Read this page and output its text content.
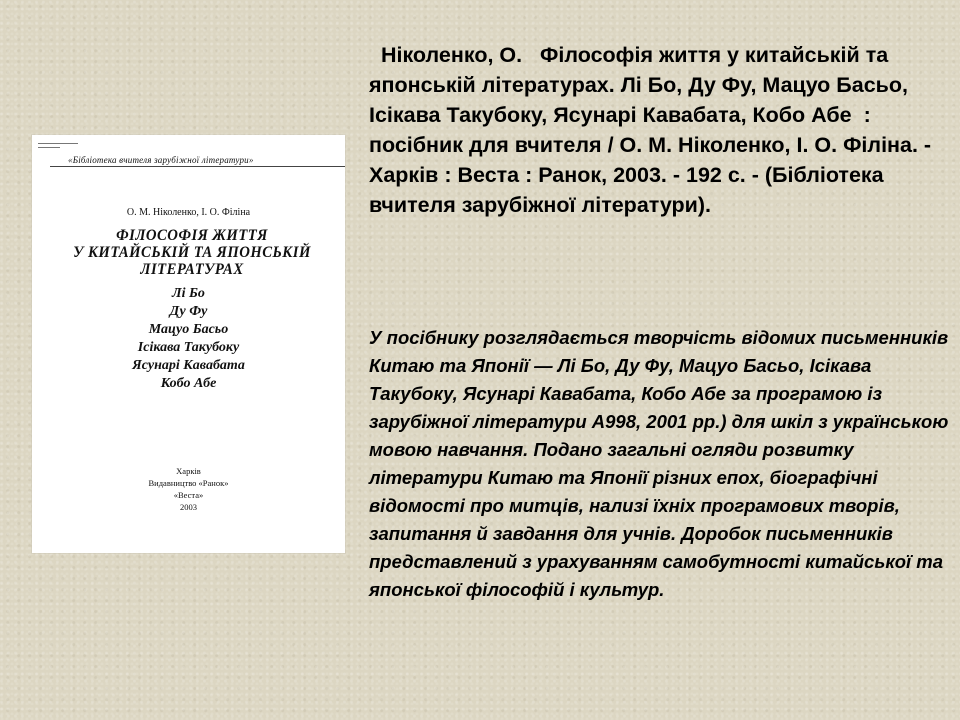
«Бібліотека вчителя зарубіжної літератури»
О. М. Ніколенко, І. О. Філіна
ФІЛОСОФІЯ ЖИТТЯ
У КИТАЙСЬКІЙ ТА ЯПОНСЬКІЙ
ЛІТЕРАТУРАХ
Лі Бо
Ду Фу
Мацуо Басьо
Ісікава Такубоку
Ясунарі Кавабата
Кобо Абе
Харків
Видавництво «Ранок»
«Веста»
2003

Ніколенко, О.   Філософія життя у китайській та японській літературах. Лі Бо, Ду Фу, Мацуо Басьо, Ісікава Такубоку, Ясунарі Кавабата, Кобо Абе  : посібник для вчителя / О. М. Ніколенко, І. О. Філіна. - Харків : Веста : Ранок, 2003. - 192 с. - (Бібліотека вчителя зарубіжної літератури).

У посібнику розглядається творчість відомих письменників Китаю та Японії — Лі Бо, Ду Фу, Мацуо Басьо, Ісікава Такубоку, Ясунарі Кавабата, Кобо Абе за програмою із зарубіжної літератури А998, 2001 рр.) для шкіл з українською мовою навчання. Подано загальні огляди розвитку літератури Китаю та Японії різних епох, біографічні відомості про митців, нализі їхніх програмових творів, запитання й завдання для учнів. Доробок письменників представлений з урахуванням самобутності китайської та японської філософій і культур.
